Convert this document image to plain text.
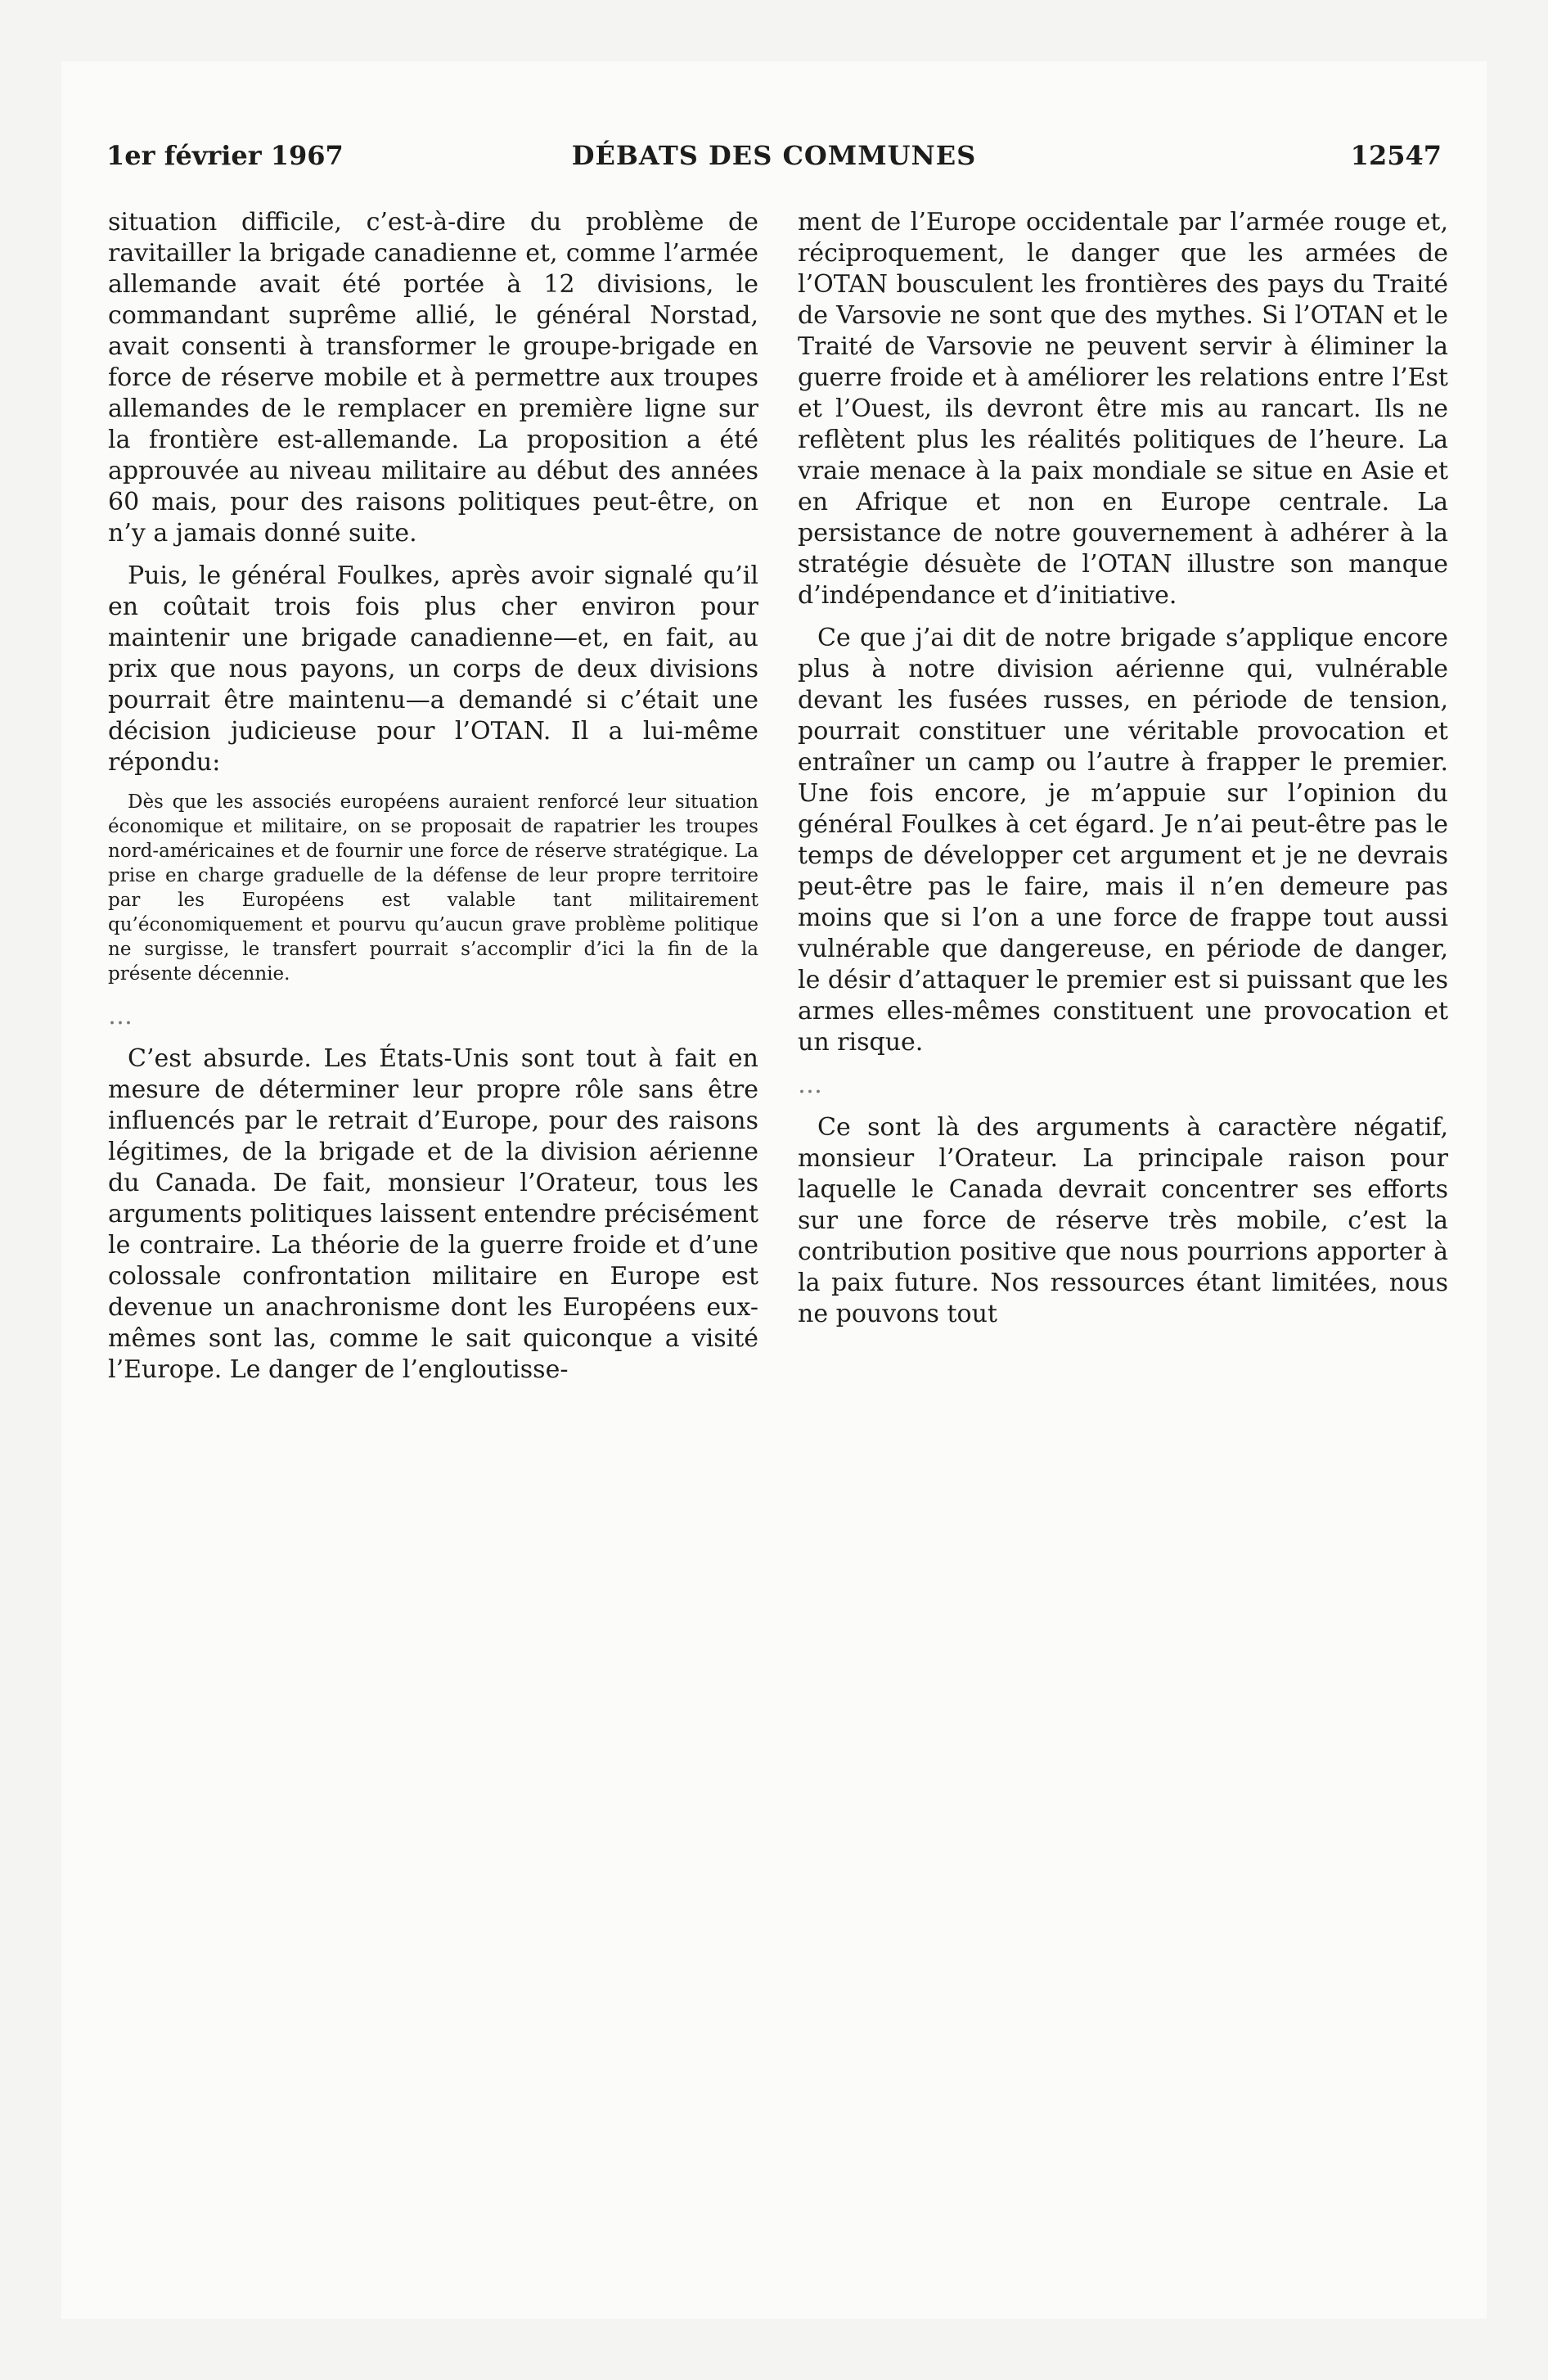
1er février 1967	DÉBATS DES COMMUNES	12547

situation difficile, c’est-à-dire du problème de ravitailler la brigade canadienne et, comme l’armée allemande avait été portée à 12 divisions, le commandant suprême allié, le général Norstad, avait consenti à transformer le groupe-brigade en force de réserve mobile et à permettre aux troupes allemandes de le remplacer en première ligne sur la frontière est-allemande. La proposition a été approuvée au niveau militaire au début des années 60 mais, pour des raisons politiques peut-être, on n’y a jamais donné suite.

Puis, le général Foulkes, après avoir signalé qu’il en coûtait trois fois plus cher environ pour maintenir une brigade canadienne—et, en fait, au prix que nous payons, un corps de deux divisions pourrait être maintenu—a demandé si c’était une décision judicieuse pour l’OTAN. Il a lui-même répondu:

Dès que les associés européens auraient renforcé leur situation économique et militaire, on se proposait de rapatrier les troupes nord-américaines et de fournir une force de réserve stratégique. La prise en charge graduelle de la défense de leur propre territoire par les Européens est valable tant militairement qu’économiquement et pourvu qu’aucun grave problème politique ne surgisse, le transfert pourrait s’accomplir d’ici la fin de la présente décennie.

…

C’est absurde. Les États-Unis sont tout à fait en mesure de déterminer leur propre rôle sans être influencés par le retrait d’Europe, pour des raisons légitimes, de la brigade et de la division aérienne du Canada. De fait, monsieur l’Orateur, tous les arguments politiques laissent entendre précisément le contraire. La théorie de la guerre froide et d’une colossale confrontation militaire en Europe est devenue un anachronisme dont les Européens eux-mêmes sont las, comme le sait quiconque a visité l’Europe. Le danger de l’engloutisse-

ment de l’Europe occidentale par l’armée rouge et, réciproquement, le danger que les armées de l’OTAN bousculent les frontières des pays du Traité de Varsovie ne sont que des mythes. Si l’OTAN et le Traité de Varsovie ne peuvent servir à éliminer la guerre froide et à améliorer les relations entre l’Est et l’Ouest, ils devront être mis au rancart. Ils ne reflètent plus les réalités politiques de l’heure. La vraie menace à la paix mondiale se situe en Asie et en Afrique et non en Europe centrale. La persistance de notre gouvernement à adhérer à la stratégie désuète de l’OTAN illustre son manque d’indépendance et d’initiative.

Ce que j’ai dit de notre brigade s’applique encore plus à notre division aérienne qui, vulnérable devant les fusées russes, en période de tension, pourrait constituer une véritable provocation et entraîner un camp ou l’autre à frapper le premier. Une fois encore, je m’appuie sur l’opinion du général Foulkes à cet égard. Je n’ai peut-être pas le temps de développer cet argument et je ne devrais peut-être pas le faire, mais il n’en demeure pas moins que si l’on a une force de frappe tout aussi vulnérable que dangereuse, en période de danger, le désir d’attaquer le premier est si puissant que les armes elles-mêmes constituent une provocation et un risque.

…

Ce sont là des arguments à caractère négatif, monsieur l’Orateur. La principale raison pour laquelle le Canada devrait concentrer ses efforts sur une force de réserve très mobile, c’est la contribution positive que nous pourrions apporter à la paix future. Nos ressources étant limitées, nous ne pouvons tout
